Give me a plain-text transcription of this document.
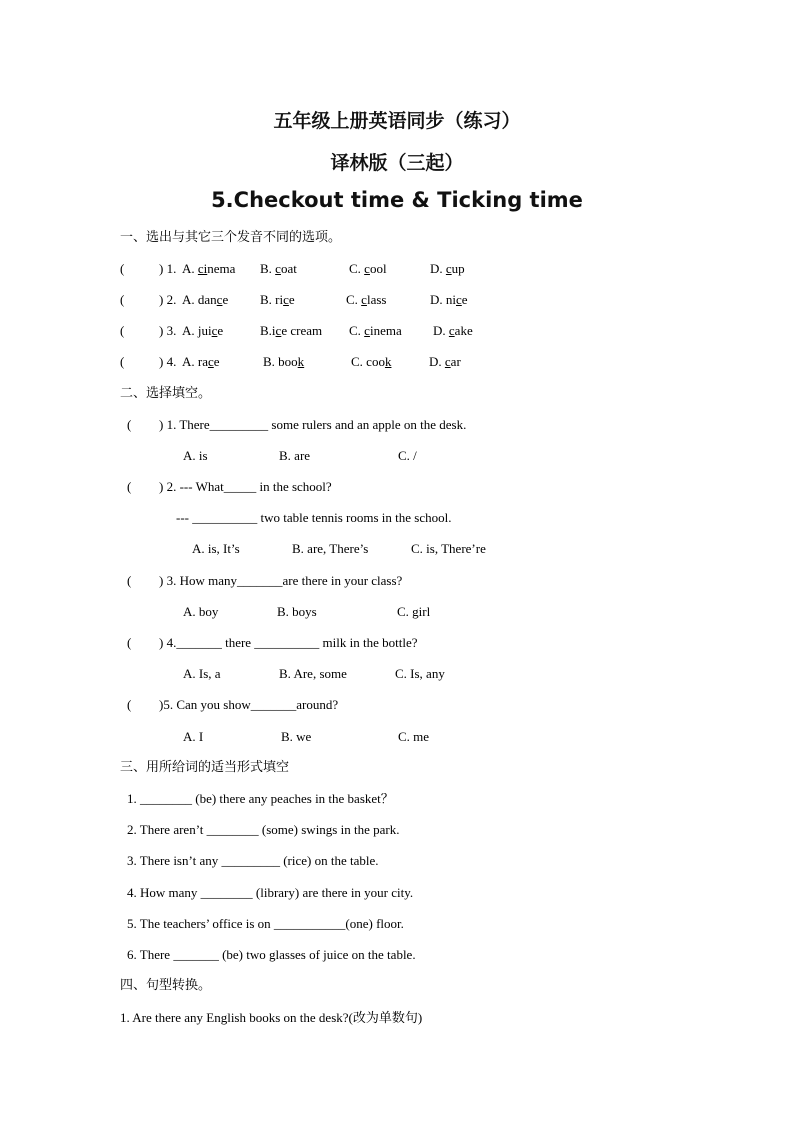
五年级上册英语同步（练习）
译林版（三起）
5.Checkout time & Ticking time
一、选出与其它三个发音不同的选项。
(	) 1. A. cinema B. coat	C. cool	D. cup
(	) 2. A. dance B. rice	C. class	D. nice
(	) 3. A. juice	B.ice cream C. cinema D. cake
(	) 4. A. race	B. book	C. cook	D. car
二、选择填空。
( ) 1. There_________ some rulers and an apple on the desk.
A. is	B. are	C. /
( ) 2. --- What_____ in the school?
--- __________ two table tennis rooms in the school.
A. is, It’s	B. are, There’s	C. is, There’re
( ) 3. How many_______are there in your class?
A. boy	B. boys	C. girl
( ) 4._______ there __________ milk in the bottle?
A. Is, a	B. Are, some	C. Is, any
( )5. Can you show_______around?
A. I	B. we	C. me
三、用所给词的适当形式填空
1. ________ (be) there any peaches in the basket？
2. There aren’t ________ (some) swings in the park.
3. There isn’t any _________ (rice) on the table.
4. How many ________ (library) are there in your city.
5. The teachers’ office is on ___________(one) floor.
6. There _______ (be) two glasses of juice on the table.
四、句型转换。
1. Are there any English books on the desk?(改为单数句)
